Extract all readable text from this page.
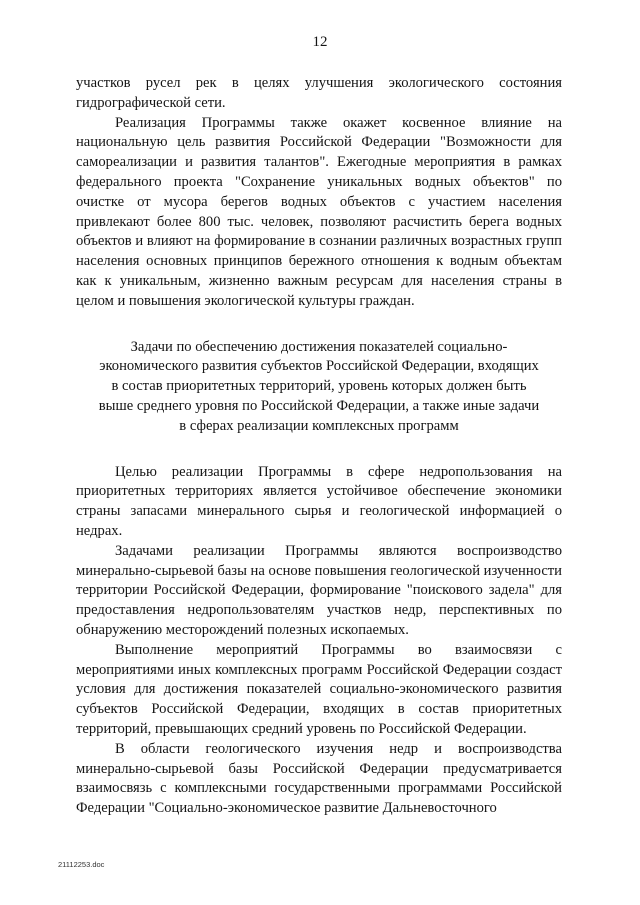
12

участков русел рек в целях улучшения экологического состояния гидрографической сети.

Реализация Программы также окажет косвенное влияние на национальную цель развития Российской Федерации "Возможности для самореализации и развития талантов". Ежегодные мероприятия в рамках федерального проекта "Сохранение уникальных водных объектов" по очистке от мусора берегов водных объектов с участием населения привлекают более 800 тыс. человек, позволяют расчистить берега водных объектов и влияют на формирование в сознании различных возрастных групп населения основных принципов бережного отношения к водным объектам как к уникальным, жизненно важным ресурсам для населения страны в целом и повышения экологической культуры граждан.

Задачи по обеспечению достижения показателей социально-
экономического развития субъектов Российской Федерации, входящих
в состав приоритетных территорий, уровень которых должен быть
выше среднего уровня по Российской Федерации, а также иные задачи
в сферах реализации комплексных программ

Целью реализации Программы в сфере недропользования на приоритетных территориях является устойчивое обеспечение экономики страны запасами минерального сырья и геологической информацией о недрах.

Задачами реализации Программы являются воспроизводство минерально-сырьевой базы на основе повышения геологической изученности территории Российской Федерации, формирование "поискового задела" для предоставления недропользователям участков недр, перспективных по обнаружению месторождений полезных ископаемых.

Выполнение мероприятий Программы во взаимосвязи с мероприятиями иных комплексных программ Российской Федерации создаст условия для достижения показателей социально-экономического развития субъектов Российской Федерации, входящих в состав приоритетных территорий, превышающих средний уровень по Российской Федерации.

В области геологического изучения недр и воспроизводства минерально-сырьевой базы Российской Федерации предусматривается взаимосвязь с комплексными государственными программами Российской Федерации "Социально-экономическое развитие Дальневосточного

21112253.doc
